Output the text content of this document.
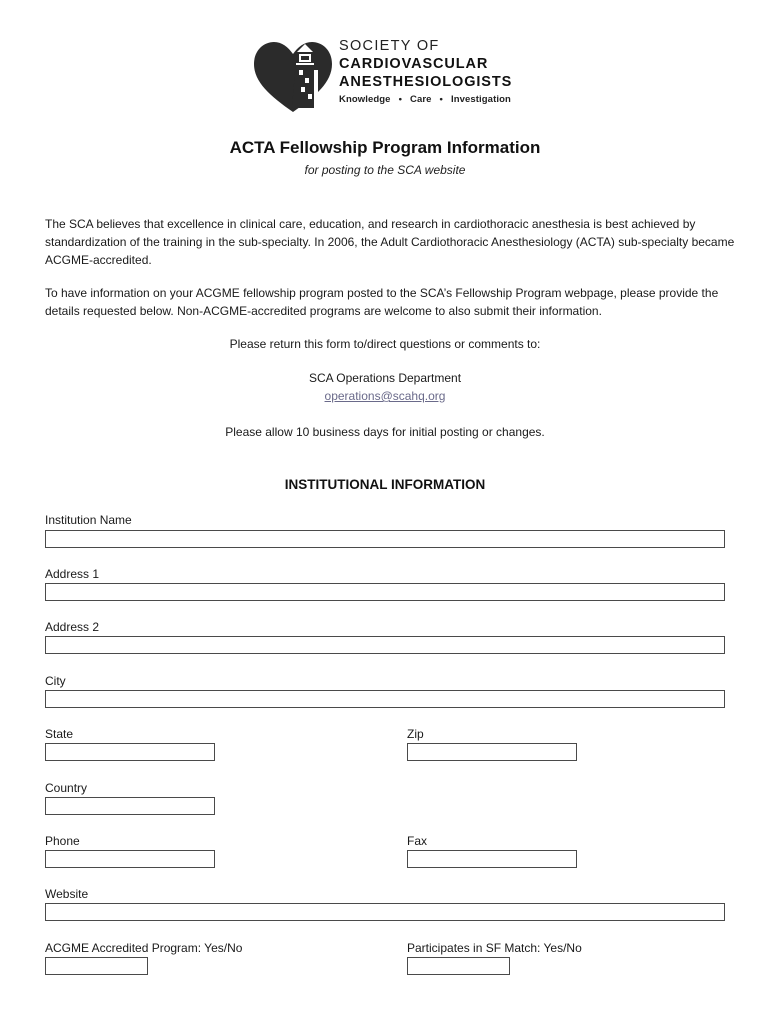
SOCIETY OF
CARDIOVASCULAR
ANESTHESIOLOGISTS
Knowledge • Care • Investigation
ACTA Fellowship Program Information
for posting to the SCA website
The SCA believes that excellence in clinical care, education, and research in cardiothoracic anesthesia is best achieved by standardization of the training in the sub-specialty. In 2006, the Adult Cardiothoracic Anesthesiology (ACTA) sub-specialty became ACGME-accredited.
To have information on your ACGME fellowship program posted to the SCA’s Fellowship Program webpage, please provide the details requested below. Non-ACGME-accredited programs are welcome to also submit their information.
Please return this form to/direct questions or comments to:
SCA Operations Department
operations@scahq.org
Please allow 10 business days for initial posting or changes.
INSTITUTIONAL INFORMATION
Institution Name
Address 1
Address 2
City
State	Zip
Country
Phone	Fax
Website
ACGME Accredited Program: Yes/No	Participates in SF Match: Yes/No
